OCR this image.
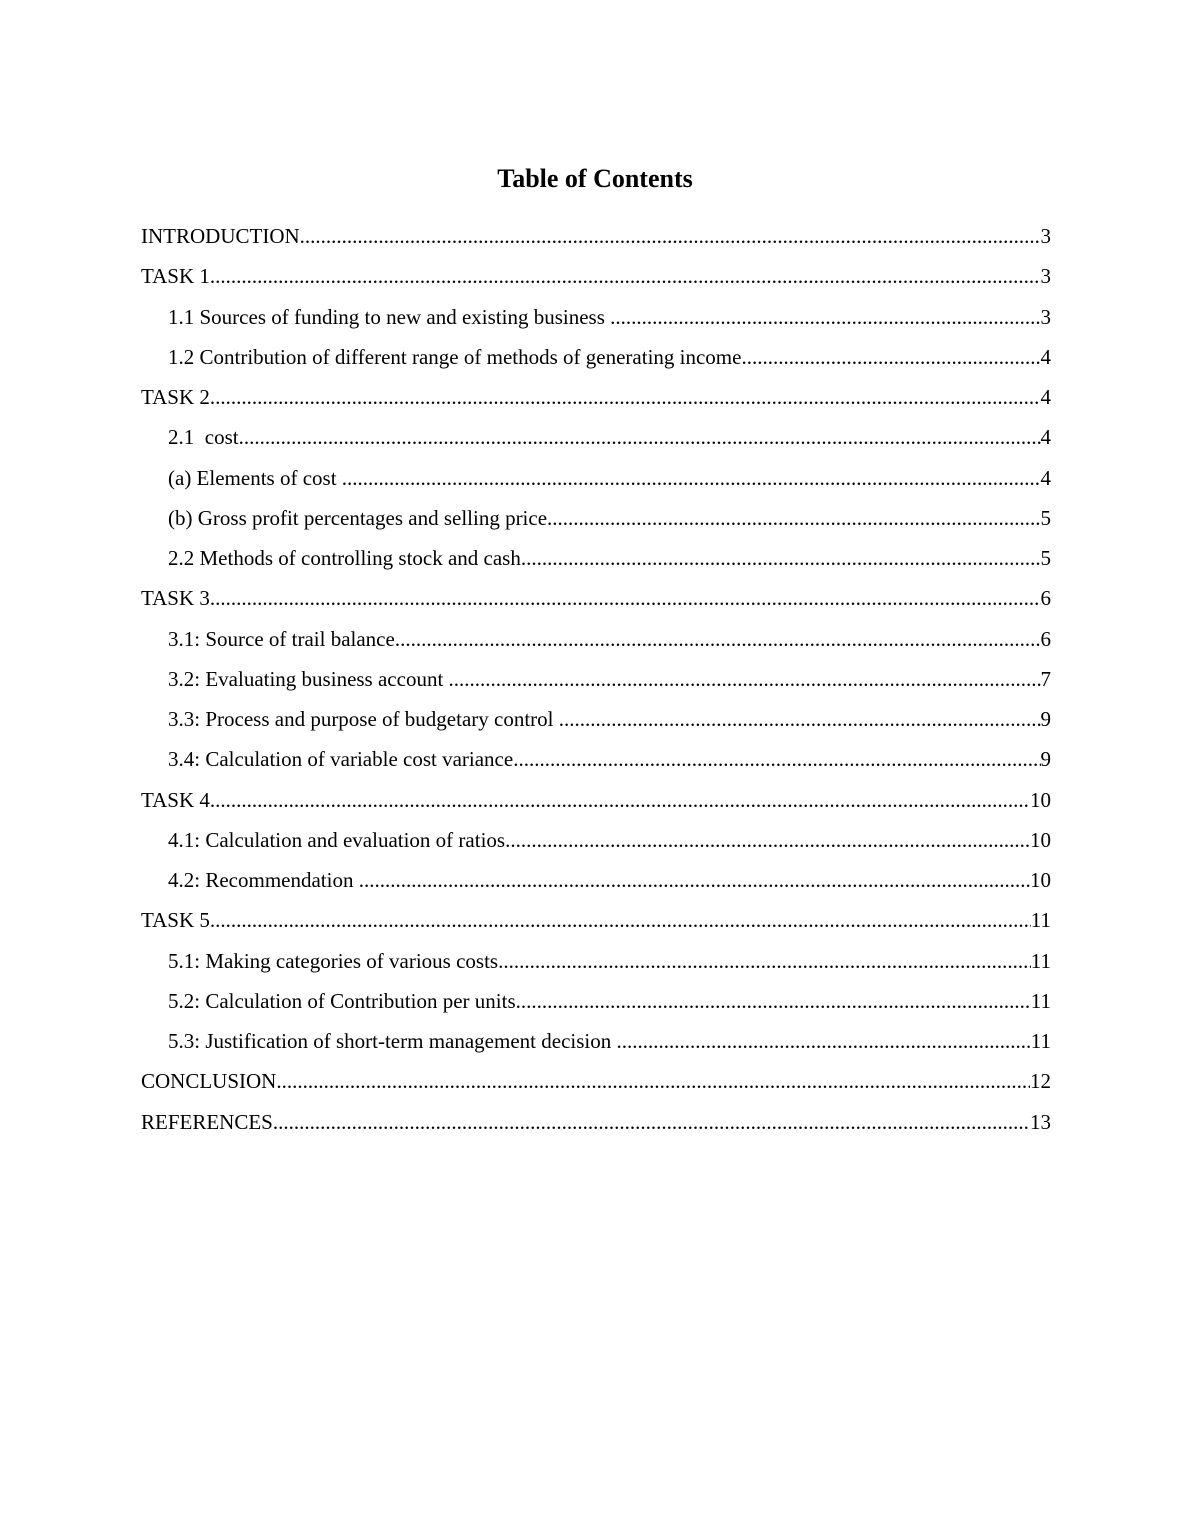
Table of Contents
INTRODUCTION .....	3
TASK 1 .....	3
1.1 Sources of funding to new and existing business .....	3
1.2 Contribution of different range of methods of generating income .....	4
TASK 2 .....	4
2.1  cost .....	4
(a) Elements of cost .....	4
(b) Gross profit percentages and selling price .....	5
2.2 Methods of controlling stock and cash .....	5
TASK 3 .....	6
3.1: Source of trail balance .....	6
3.2: Evaluating business account .....	7
3.3: Process and purpose of budgetary control .....	9
3.4: Calculation of variable cost variance .....	9
TASK 4 .....	10
4.1: Calculation and evaluation of ratios .....	10
4.2: Recommendation .....	10
TASK 5 .....	11
5.1: Making categories of various costs .....	11
5.2: Calculation of Contribution per units .....	11
5.3: Justification of short-term management decision .....	11
CONCLUSION .....	12
REFERENCES .....	13
